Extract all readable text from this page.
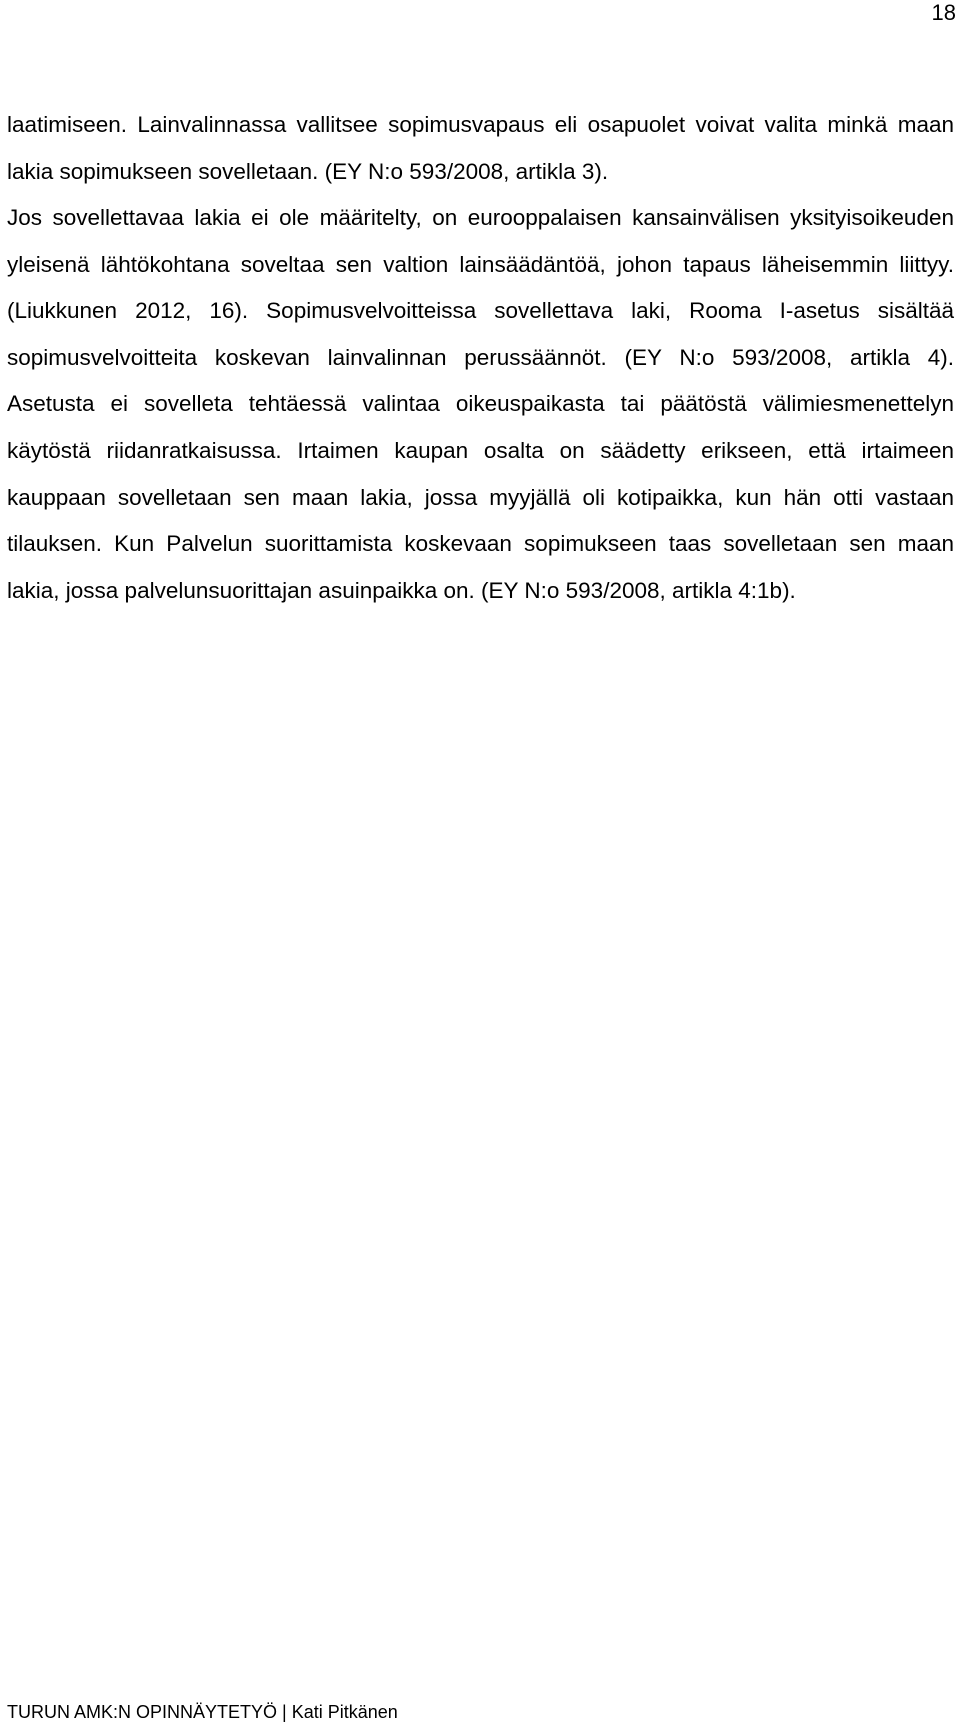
18

laatimiseen. Lainvalinnassa vallitsee sopimusvapaus eli osapuolet voivat valita minkä maan lakia sopimukseen sovelletaan. (EY N:o 593/2008, artikla 3).

Jos sovellettavaa lakia ei ole määritelty, on eurooppalaisen kansainvälisen yksityisoikeuden yleisenä lähtökohtana soveltaa sen valtion lainsäädäntöä, johon tapaus läheisemmin liittyy. (Liukkunen 2012, 16). Sopimusvelvoitteissa sovellettava laki, Rooma I-asetus sisältää sopimusvelvoitteita koskevan lainvalinnan perussäännöt. (EY N:o 593/2008, artikla 4). Asetusta ei sovelleta tehtäessä valintaa oikeuspaikasta tai päätöstä välimiesmenettelyn käytöstä riidanratkaisussa. Irtaimen kaupan osalta on säädetty erikseen, että irtaimeen kauppaan sovelletaan sen maan lakia, jossa myyjällä oli kotipaikka, kun hän otti vastaan tilauksen. Kun Palvelun suorittamista koskevaan sopimukseen taas sovelletaan sen maan lakia, jossa palvelunsuorittajan asuinpaikka on. (EY N:o 593/2008, artikla 4:1b).

TURUN AMK:N OPINNÄYTETYÖ | Kati Pitkänen
